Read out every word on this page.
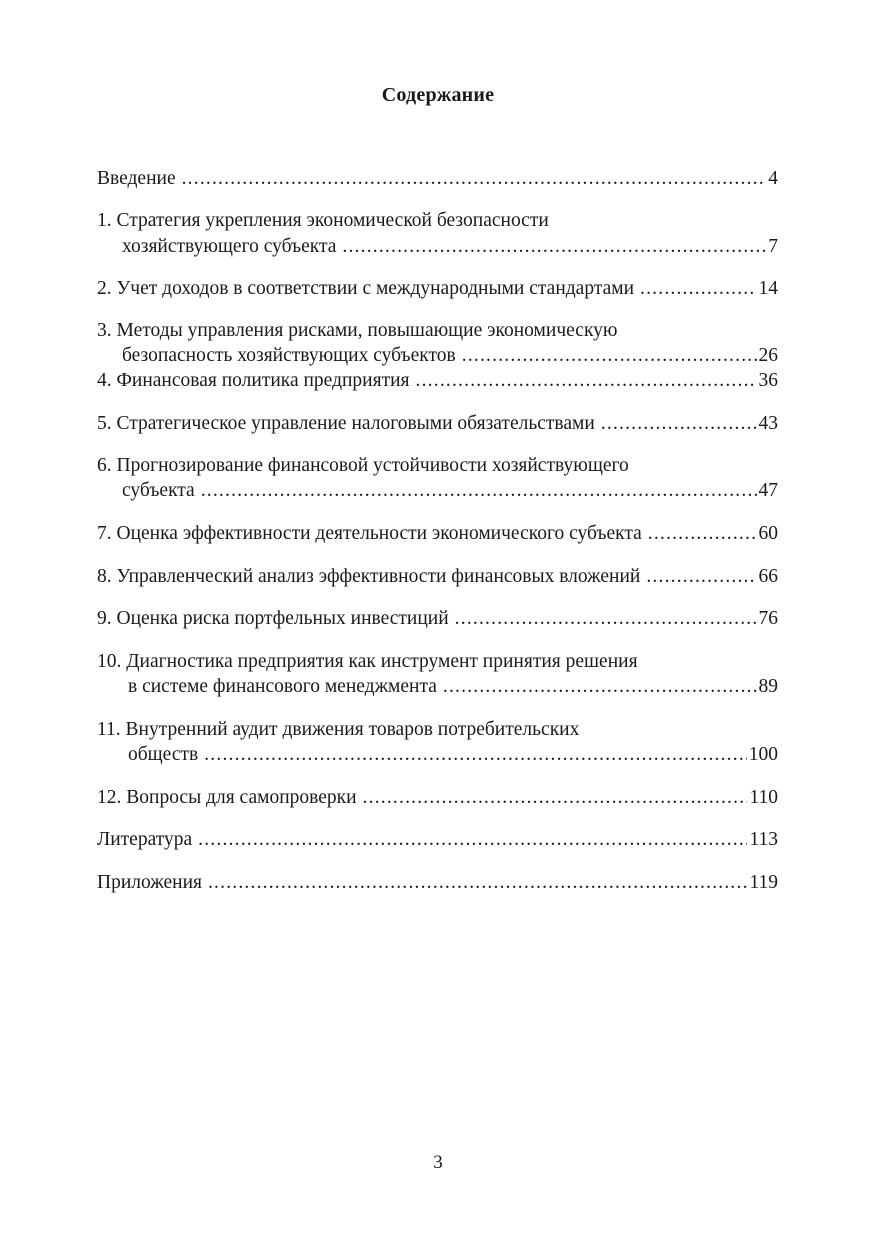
Содержание
Введение .....	4
1. Стратегия укрепления экономической безопасности
хозяйствующего субъекта .....	7
2. Учет доходов в соответствии с международными стандартами .....	14
3. Методы управления рисками, повышающие экономическую
безопасность хозяйствующих субъектов .....	26
4. Финансовая политика предприятия .....	36
5. Стратегическое управление налоговыми обязательствами .....	43
6. Прогнозирование финансовой устойчивости хозяйствующего
субъекта .....	47
7. Оценка эффективности деятельности экономического субъекта .....	60
8. Управленческий анализ эффективности финансовых вложений .....	66
9. Оценка риска портфельных инвестиций .....	76
10. Диагностика предприятия как инструмент принятия решения
в системе финансового менеджмента .....	89
11. Внутренний аудит движения товаров потребительских
обществ .....	100
12. Вопросы для самопроверки .....	110
Литература .....	113
Приложения .....	119
3
